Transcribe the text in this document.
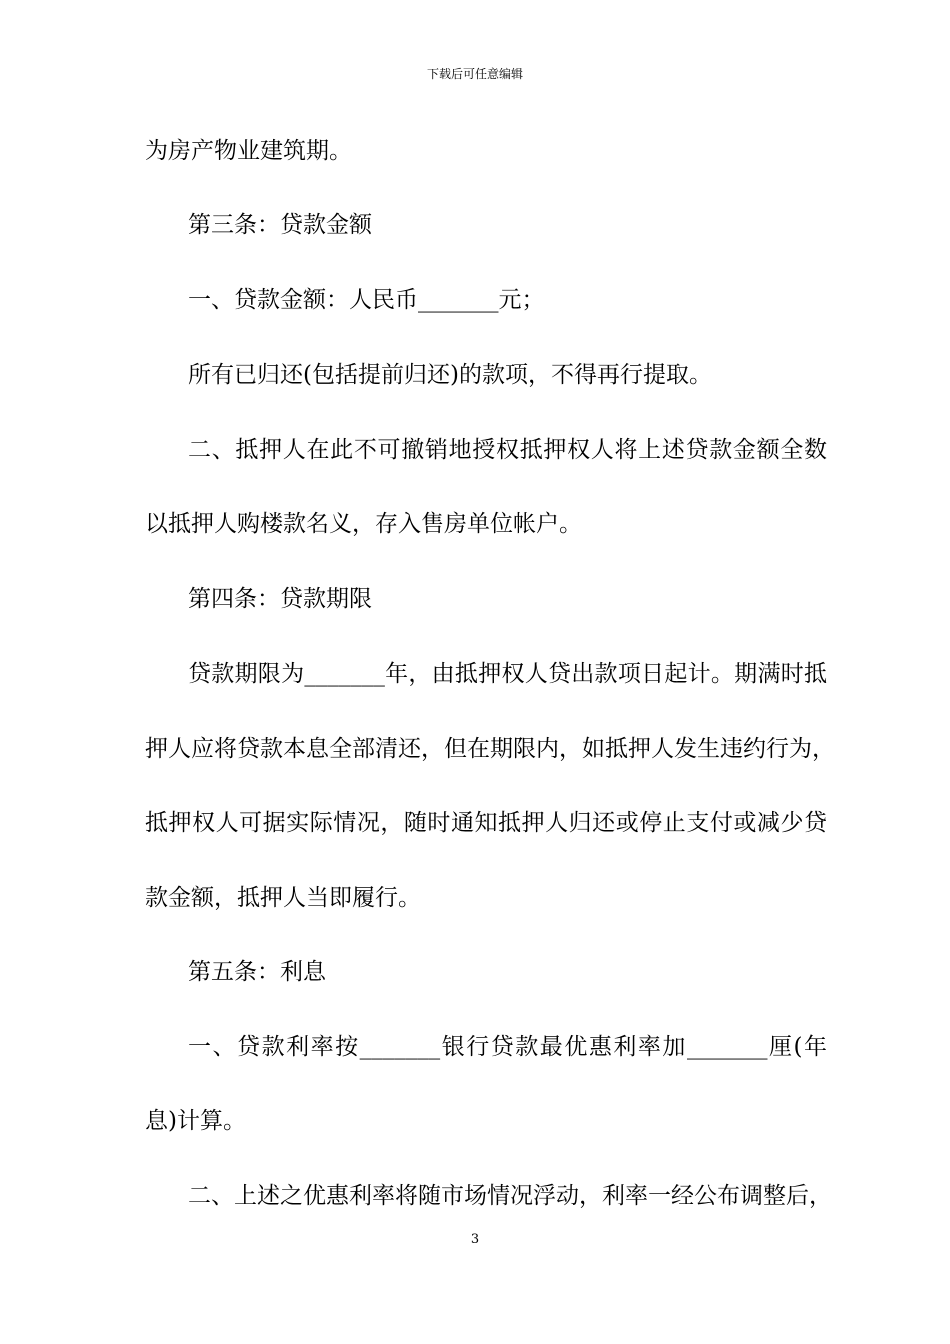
下载后可任意编辑
为房产物业建筑期。
第三条：贷款金额
一、贷款金额：人民币_______元；
所有已归还(包括提前归还)的款项，不得再行提取。
二、抵押人在此不可撤销地授权抵押权人将上述贷款金额全数
以抵押人购楼款名义，存入售房单位帐户。
第四条：贷款期限
贷款期限为_______年，由抵押权人贷出款项日起计。期满时抵
押人应将贷款本息全部清还，但在期限内，如抵押人发生违约行为，
抵押权人可据实际情况，随时通知抵押人归还或停止支付或减少贷
款金额，抵押人当即履行。
第五条：利息
一、贷款利率按_______银行贷款最优惠利率加_______厘(年
息)计算。
二、上述之优惠利率将随市场情况浮动，利率一经公布调整后，
3
